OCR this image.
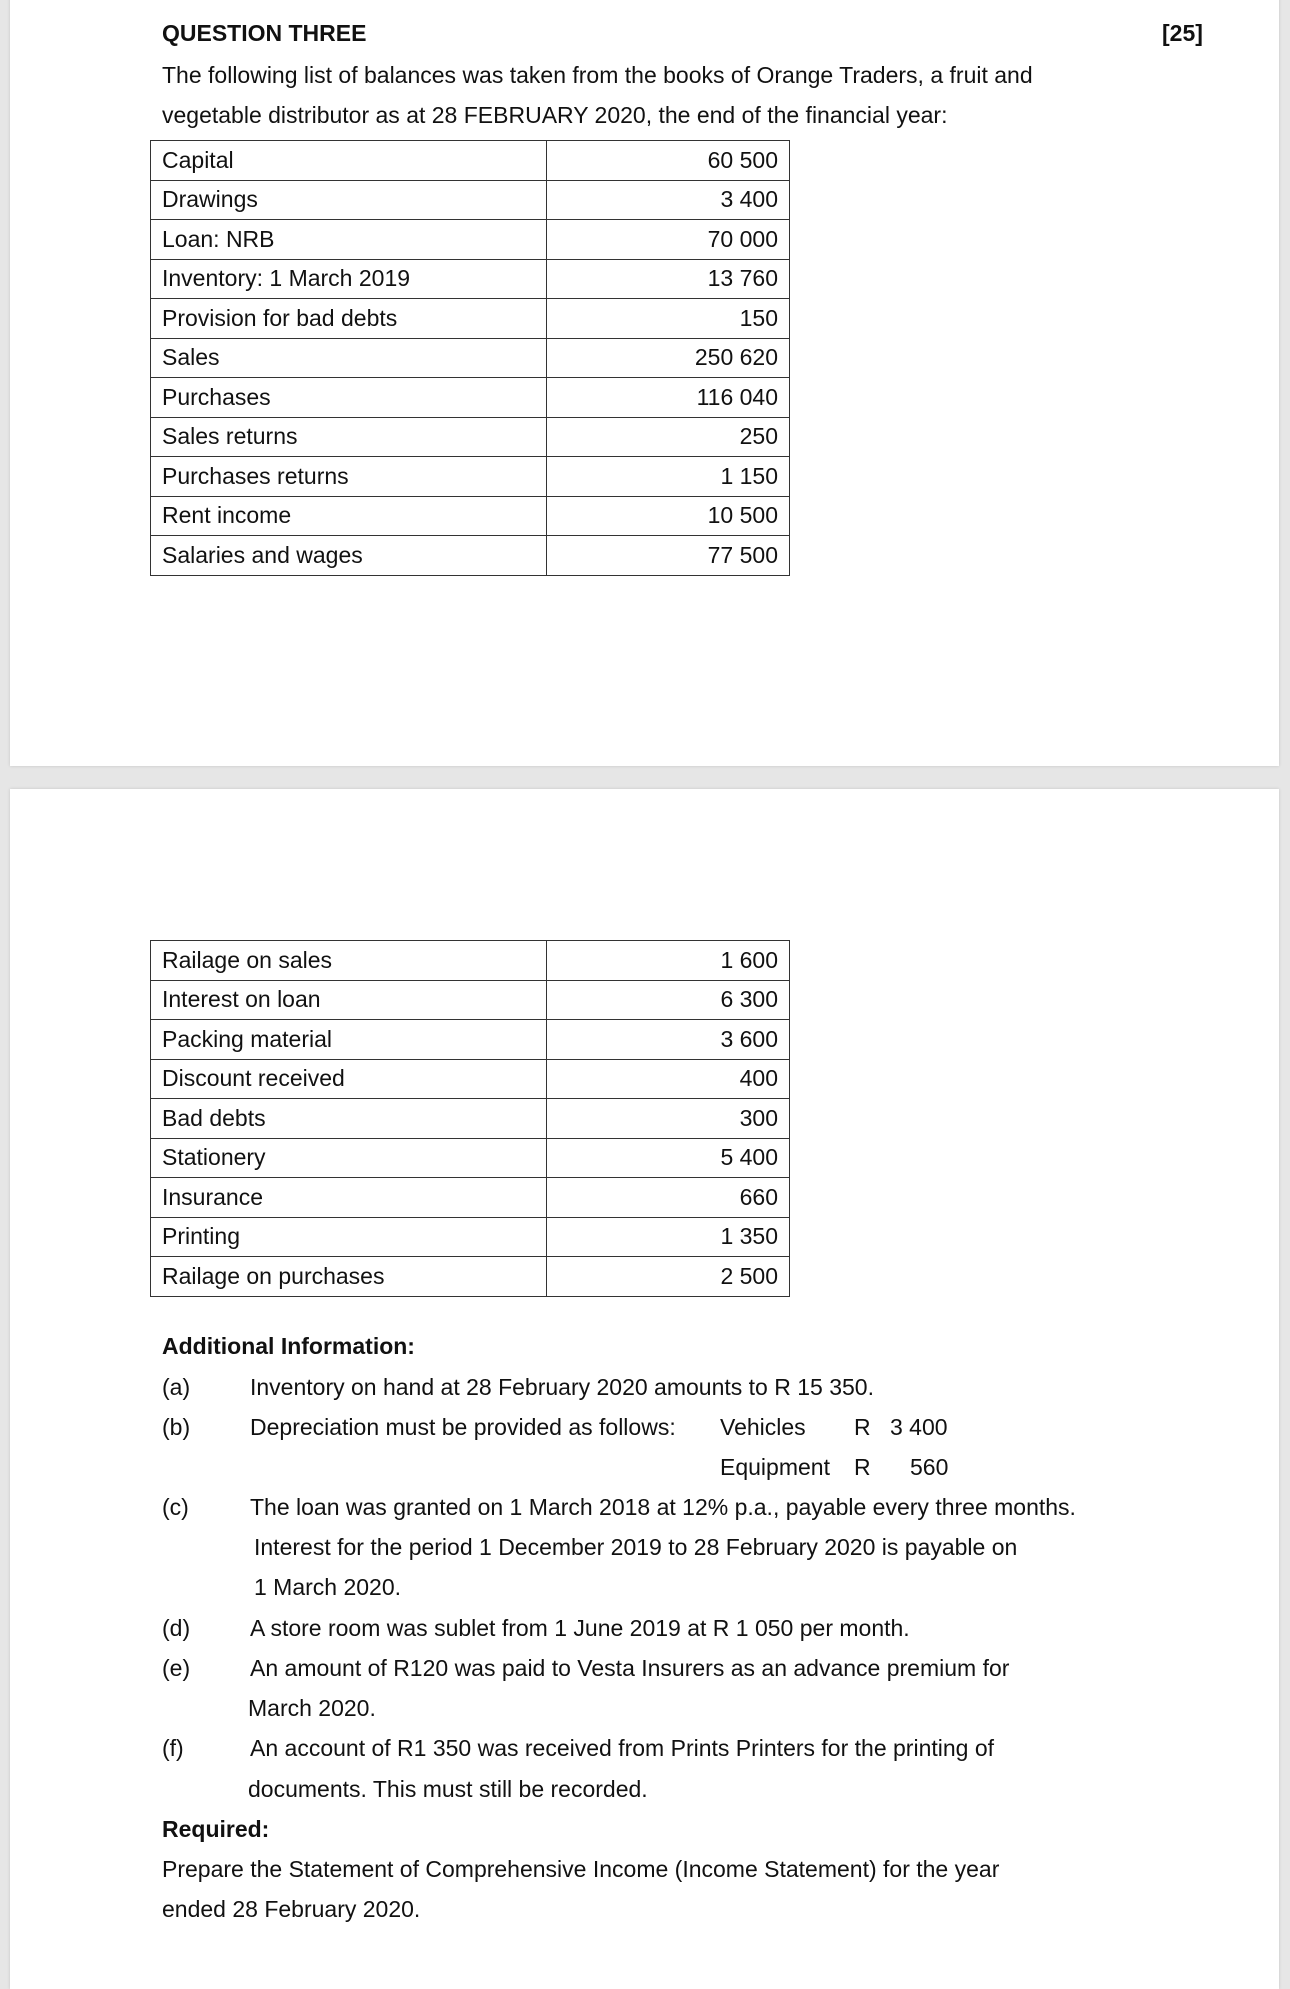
QUESTION THREE	[25]
The following list of balances was taken from the books of Orange Traders, a fruit and
vegetable distributor as at 28 FEBRUARY 2020, the end of the financial year:
Capital	60 500
Drawings	3 400
Loan: NRB	70 000
Inventory: 1 March 2019	13 760
Provision for bad debts	150
Sales	250 620
Purchases	116 040
Sales returns	250
Purchases returns	1 150
Rent income	10 500
Salaries and wages	77 500
Railage on sales	1 600
Interest on loan	6 300
Packing material	3 600
Discount received	400
Bad debts	300
Stationery	5 400
Insurance	660
Printing	1 350
Railage on purchases	2 500
Additional Information:
(a)	Inventory on hand at 28 February 2020 amounts to R 15 350.
(b)	Depreciation must be provided as follows: Vehicles R 3 400
Equipment R 560
(c)	The loan was granted on 1 March 2018 at 12% p.a., payable every three months.
Interest for the period 1 December 2019 to 28 February 2020 is payable on
1 March 2020.
(d)	A store room was sublet from 1 June 2019 at R 1 050 per month.
(e)	An amount of R120 was paid to Vesta Insurers as an advance premium for
March 2020.
(f)	An account of R1 350 was received from Prints Printers for the printing of
documents. This must still be recorded.
Required:
Prepare the Statement of Comprehensive Income (Income Statement) for the year
ended 28 February 2020.
